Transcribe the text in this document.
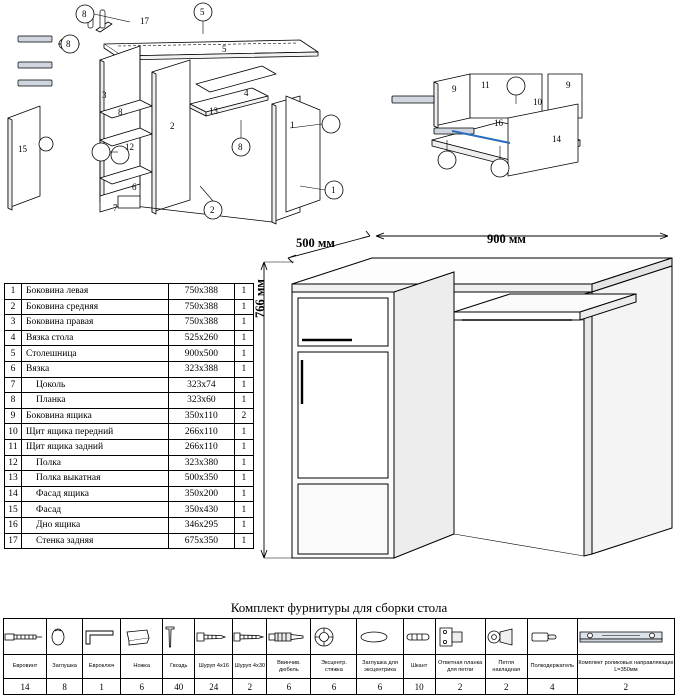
8
17
5
5
8
3
8
2
13
4
1
12
6
7
15	8
2
1
9	11	9
10
16
14
1	Боковина левая	750х388	1
2	Боковина средняя	750х388	1
3	Боковина правая	750х388	1
4	Вязка стола	525х260	1
5	Столешница	900х500	1
6	Вязка	323х388	1
7	Цоколь	323х74	1
8	Планка	323х60	1
9	Боковина ящика	350х110	2
10	Щит ящика передний	266х110	1
11	Щит ящика задний	266х110	1
12	Полка	323х380	1
13	Полка выкатная	500х350	1
14	Фасад ящика	350х200	1
15	Фасад	350х430	1
16	Дно ящика	346х295	1
17	Стенка задняя	675х350	1
500 мм	900 мм
766 мм
Комплект фурнитуры для сборки стола

Евровинт	Заглушка	Евроключ	Ножка	Гвоздь	Шуруп 4х16	Шуруп 4х30	Ввинчив. дюбель	Эксцентр. стяжка	Заглушка для эксцентрика	Шкант	Ответная планка для петли	Петля накладная	Полкодержатель	Комплект роликовых направляющих L=350мм
14	8	1	6	40	24	2	6	6	6	10	2	2	4	2
